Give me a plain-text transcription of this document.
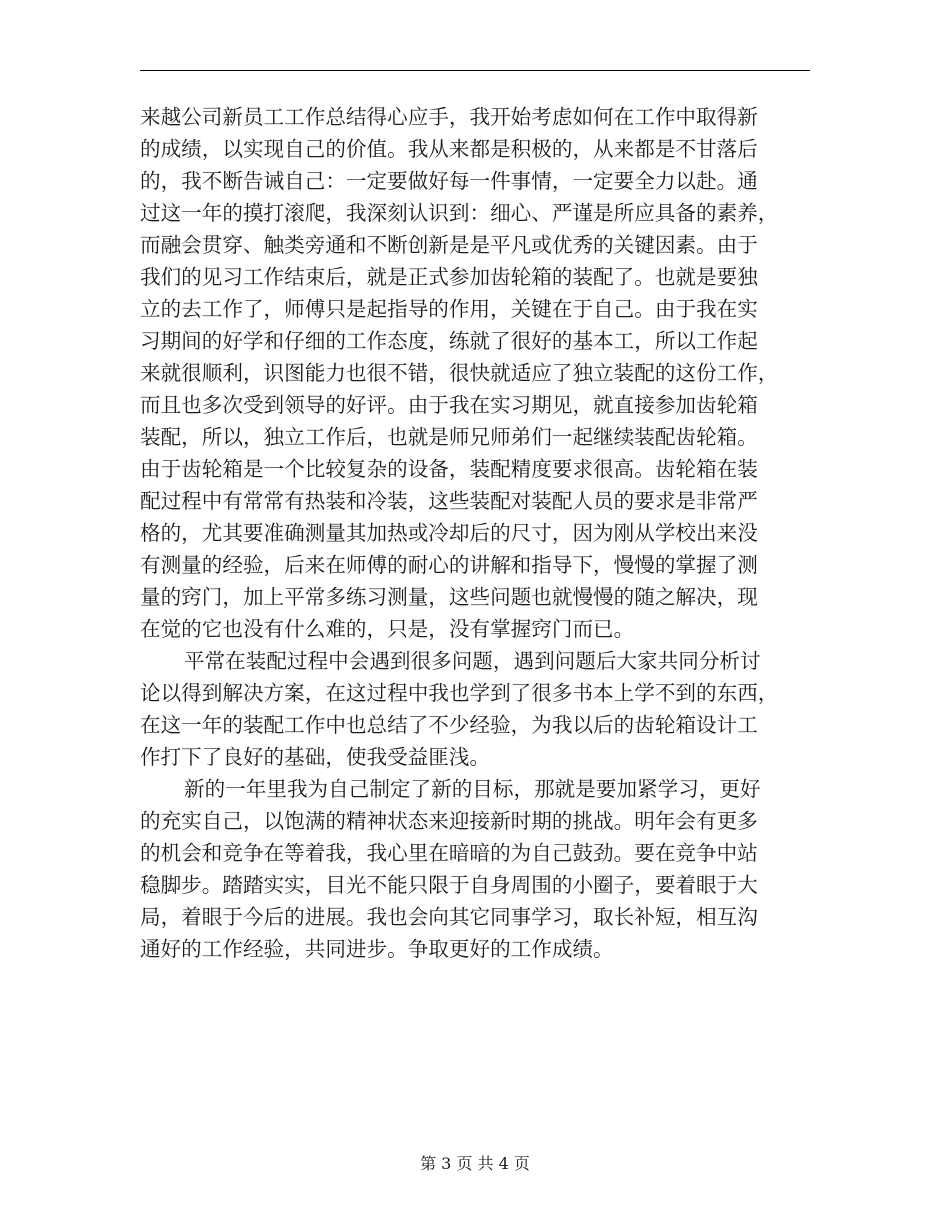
来越公司新员工工作总结得心应手，我开始考虑如何在工作中取得新
的成绩，以实现自己的价值。我从来都是积极的，从来都是不甘落后
的，我不断告诫自己：一定要做好每一件事情，一定要全力以赴。通
过这一年的摸打滚爬，我深刻认识到：细心、严谨是所应具备的素养，
而融会贯穿、触类旁通和不断创新是是平凡或优秀的关键因素。由于
我们的见习工作结束后，就是正式参加齿轮箱的装配了。也就是要独
立的去工作了，师傅只是起指导的作用，关键在于自己。由于我在实
习期间的好学和仔细的工作态度，练就了很好的基本工，所以工作起
来就很顺利，识图能力也很不错，很快就适应了独立装配的这份工作，
而且也多次受到领导的好评。由于我在实习期见，就直接参加齿轮箱
装配，所以，独立工作后，也就是师兄师弟们一起继续装配齿轮箱。
由于齿轮箱是一个比较复杂的设备，装配精度要求很高。齿轮箱在装
配过程中有常常有热装和冷装，这些装配对装配人员的要求是非常严
格的，尤其要准确测量其加热或冷却后的尺寸，因为刚从学校出来没
有测量的经验，后来在师傅的耐心的讲解和指导下，慢慢的掌握了测
量的窍门，加上平常多练习测量，这些问题也就慢慢的随之解决，现
在觉的它也没有什么难的，只是，没有掌握窍门而已。
平常在装配过程中会遇到很多问题，遇到问题后大家共同分析讨
论以得到解决方案，在这过程中我也学到了很多书本上学不到的东西，
在这一年的装配工作中也总结了不少经验，为我以后的齿轮箱设计工
作打下了良好的基础，使我受益匪浅。
新的一年里我为自己制定了新的目标，那就是要加紧学习，更好
的充实自己，以饱满的精神状态来迎接新时期的挑战。明年会有更多
的机会和竞争在等着我，我心里在暗暗的为自己鼓劲。要在竞争中站
稳脚步。踏踏实实，目光不能只限于自身周围的小圈子，要着眼于大
局，着眼于今后的进展。我也会向其它同事学习，取长补短，相互沟
通好的工作经验，共同进步。争取更好的工作成绩。
第 3 页 共 4 页
